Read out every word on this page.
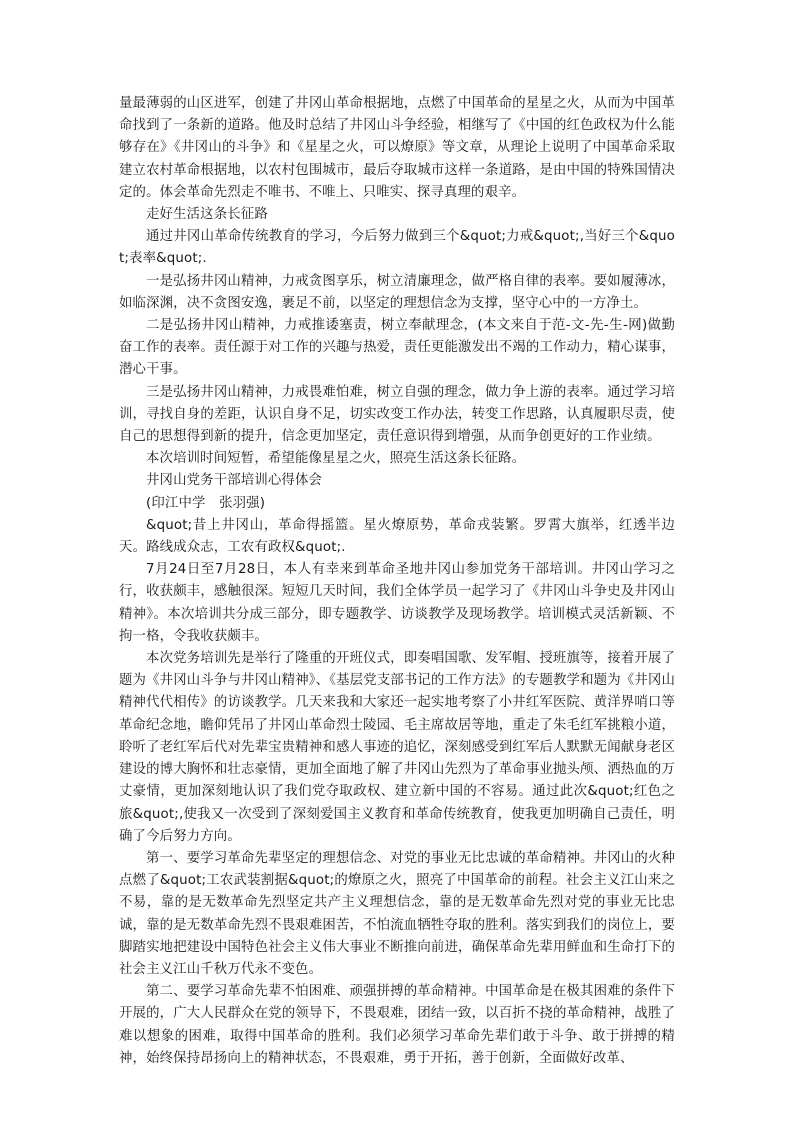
量最薄弱的山区进军，创建了井冈山革命根据地，点燃了中国革命的星星之火，从而为中国革命找到了一条新的道路。他及时总结了井冈山斗争经验，相继写了《中国的红色政权为什么能够存在》《井冈山的斗争》和《星星之火，可以燎原》等文章，从理论上说明了中国革命采取建立农村革命根据地，以农村包围城市，最后夺取城市这样一条道路，是由中国的特殊国情决定的。体会革命先烈走不唯书、不唯上、只唯实、探寻真理的艰辛。

走好生活这条长征路

通过井冈山革命传统教育的学习，今后努力做到三个&quot;力戒&quot;,当好三个&quot;表率&quot;.

一是弘扬井冈山精神，力戒贪图享乐，树立清廉理念，做严格自律的表率。要如履薄冰，如临深渊，决不贪图安逸，裹足不前，以坚定的理想信念为支撑，坚守心中的一方净土。

二是弘扬井冈山精神，力戒推诿塞责，树立奉献理念，(本文来自于范-文-先-生-网)做勤奋工作的表率。责任源于对工作的兴趣与热爱，责任更能激发出不竭的工作动力，精心谋事，潜心干事。

三是弘扬井冈山精神，力戒畏难怕难，树立自强的理念，做力争上游的表率。通过学习培训，寻找自身的差距，认识自身不足，切实改变工作办法，转变工作思路，认真履职尽责，使自己的思想得到新的提升，信念更加坚定，责任意识得到增强，从而争创更好的工作业绩。

本次培训时间短暂，希望能像星星之火，照亮生活这条长征路。

井冈山党务干部培训心得体会

(印江中学　张羽强)

&quot;昔上井冈山，革命得摇篮。星火燎原势，革命戎装繁。罗霄大旗举，红透半边天。路线成众志，工农有政权&quot;.

7月24日至7月28日，本人有幸来到革命圣地井冈山参加党务干部培训。井冈山学习之行，收获颇丰，感触很深。短短几天时间，我们全体学员一起学习了《井冈山斗争史及井冈山精神》。本次培训共分成三部分，即专题教学、访谈教学及现场教学。培训模式灵活新颖、不拘一格，令我收获颇丰。

本次党务培训先是举行了隆重的开班仪式，即奏唱国歌、发军帽、授班旗等，接着开展了题为《井冈山斗争与井冈山精神》、《基层党支部书记的工作方法》的专题教学和题为《井冈山精神代代相传》的访谈教学。几天来我和大家还一起实地考察了小井红军医院、黄洋界哨口等革命纪念地，瞻仰凭吊了井冈山革命烈士陵园、毛主席故居等地，重走了朱毛红军挑粮小道，聆听了老红军后代对先辈宝贵精神和感人事迹的追忆，深刻感受到红军后人默默无闻献身老区建设的博大胸怀和壮志豪情，更加全面地了解了井冈山先烈为了革命事业抛头颅、洒热血的万丈豪情，更加深刻地认识了我们党夺取政权、建立新中国的不容易。通过此次&quot;红色之旅&quot;,使我又一次受到了深刻爱国主义教育和革命传统教育，使我更加明确自己责任，明确了今后努力方向。

第一、要学习革命先辈坚定的理想信念、对党的事业无比忠诚的革命精神。井冈山的火种点燃了&quot;工农武装割据&quot;的燎原之火，照亮了中国革命的前程。社会主义江山来之不易，靠的是无数革命先烈坚定共产主义理想信念，靠的是无数革命先烈对党的事业无比忠诚，靠的是无数革命先烈不畏艰难困苦，不怕流血牺牲夺取的胜利。落实到我们的岗位上，要脚踏实地把建设中国特色社会主义伟大事业不断推向前进，确保革命先辈用鲜血和生命打下的社会主义江山千秋万代永不变色。

第二、要学习革命先辈不怕困难、顽强拼搏的革命精神。中国革命是在极其困难的条件下开展的，广大人民群众在党的领导下，不畏艰难，团结一致，以百折不挠的革命精神，战胜了难以想象的困难，取得中国革命的胜利。我们必须学习革命先辈们敢于斗争、敢于拼搏的精神，始终保持昂扬向上的精神状态，不畏艰难，勇于开拓，善于创新，全面做好改革、
